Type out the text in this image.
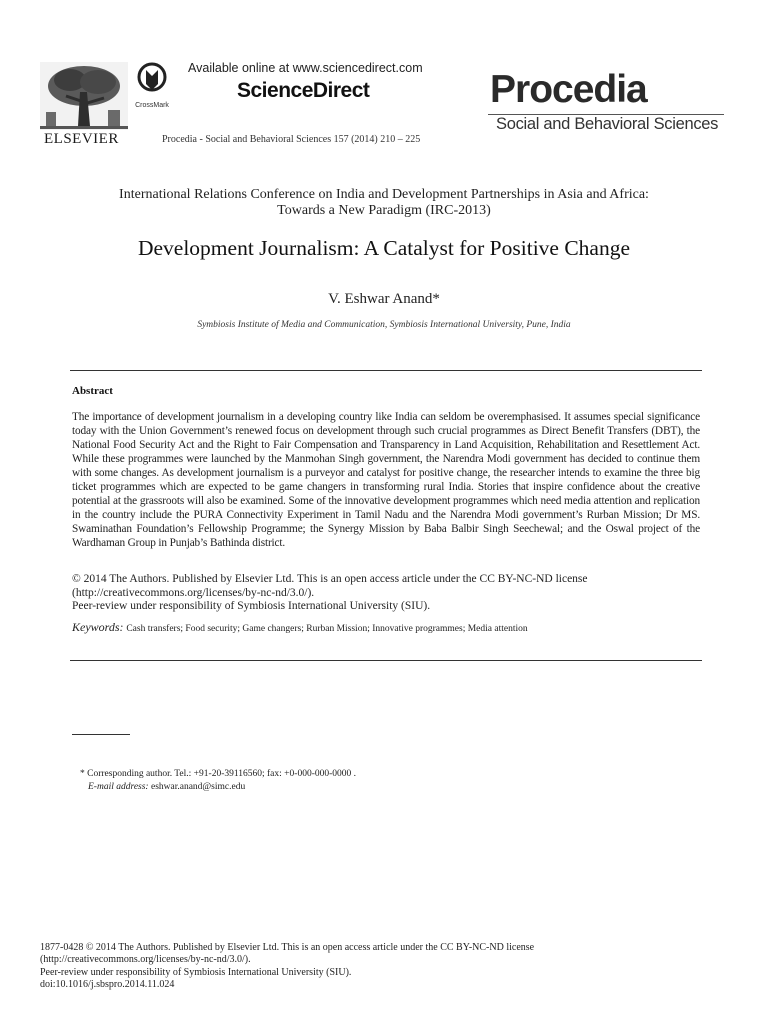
ELSEVIER
CrossMark
Available online at www.sciencedirect.com
ScienceDirect
Procedia - Social and Behavioral Sciences 157 (2014) 210 – 225
Procedia
Social and Behavioral Sciences
International Relations Conference on India and Development Partnerships in Asia and Africa:
Towards a New Paradigm (IRC-2013)
Development Journalism: A Catalyst for Positive Change
V. Eshwar Anand*
Symbiosis Institute of Media and Communication, Symbiosis International University, Pune, India
Abstract
The importance of development journalism in a developing country like India can seldom be overemphasised. It assumes special significance today with the Union Government’s renewed focus on development through such crucial programmes as Direct Benefit Transfers (DBT), the National Food Security Act and the Right to Fair Compensation and Transparency in Land Acquisition, Rehabilitation and Resettlement Act. While these programmes were launched by the Manmohan Singh government, the Narendra Modi government has decided to continue them with some changes. As development journalism is a purveyor and catalyst for positive change, the researcher intends to examine the three big ticket programmes which are expected to be game changers in transforming rural India. Stories that inspire confidence about the creative potential at the grassroots will also be examined. Some of the innovative development programmes which need media attention and replication in the country include the PURA Connectivity Experiment in Tamil Nadu and the Narendra Modi government’s Rurban Mission; Dr MS. Swaminathan Foundation’s Fellowship Programme; the Synergy Mission by Baba Balbir Singh Seechewal; and the Oswal project of the Wardhaman Group in Punjab’s Bathinda district.
© 2014 The Authors. Published by Elsevier Ltd. This is an open access article under the CC BY-NC-ND license
(http://creativecommons.org/licenses/by-nc-nd/3.0/).
Peer-review under responsibility of Symbiosis International University (SIU).
Keywords: Cash transfers; Food security; Game changers; Rurban Mission; Innovative programmes; Media attention
* Corresponding author. Tel.: +91-20-39116560; fax: +0-000-000-0000 .
E-mail address: eshwar.anand@simc.edu
1877-0428 © 2014 The Authors. Published by Elsevier Ltd. This is an open access article under the CC BY-NC-ND license
(http://creativecommons.org/licenses/by-nc-nd/3.0/).
Peer-review under responsibility of Symbiosis International University (SIU).
doi:10.1016/j.sbspro.2014.11.024
